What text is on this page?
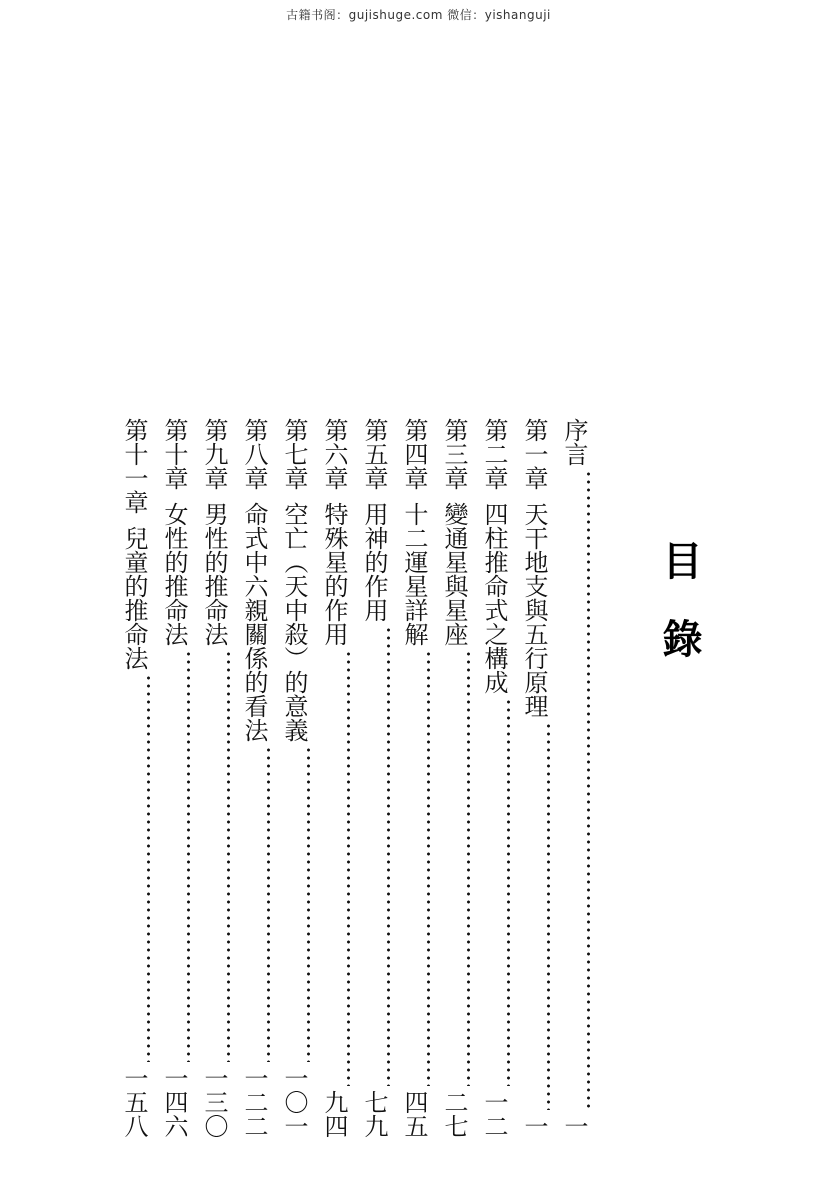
古籍书阁：gujishuge.com 微信：yishanguji
目錄
序言
一
第一章
天干地支與五行原理
一
第二章
四柱推命式之構成
一二
第三章
變通星與星座
二七
第四章
十二運星詳解
四五
第五章
用神的作用
七九
第六章
特殊星的作用
九四
第七章
空亡（天中殺）的意義
一〇一
第八章
命式中六親關係的看法
一二二
第九章
男性的推命法
一三〇
第十章
女性的推命法
一四六
第十一章
兒童的推命法
一五八
